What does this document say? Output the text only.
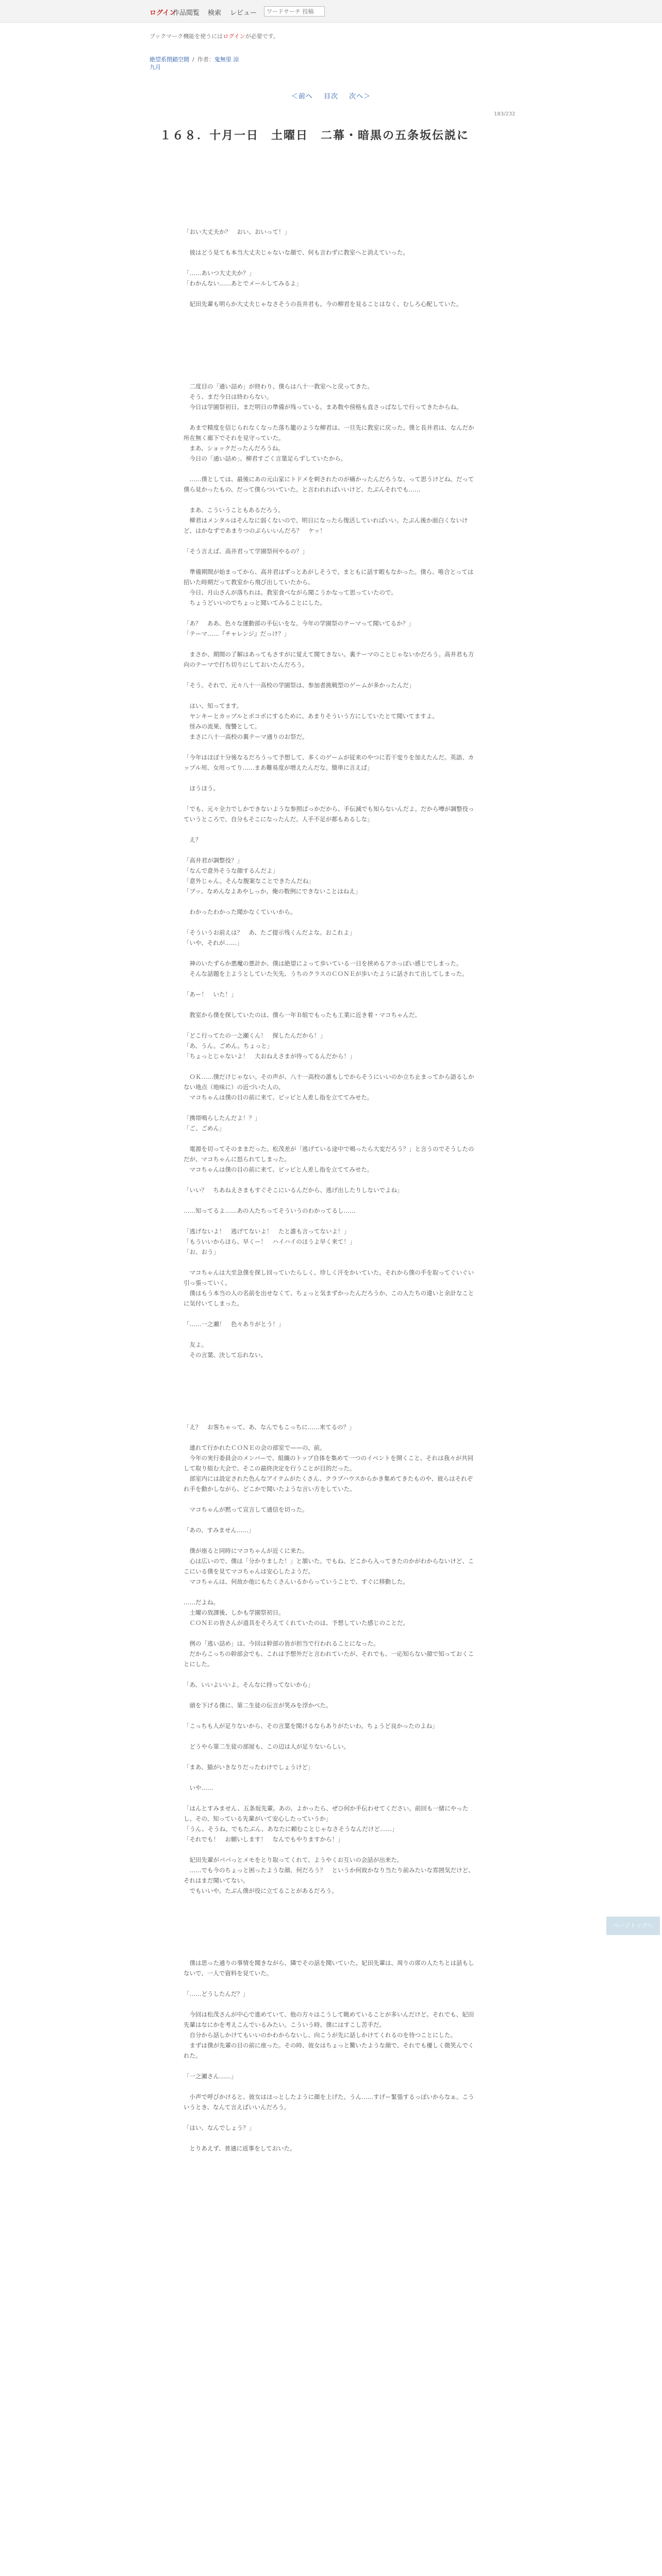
ログイン
作品閲覧 検索 レビュー
ワードサーチ 投稿
ブックマーク機能を使うにはログインが必要です。
絶望系閉鎖空間 / 作者：鬼無里 涼
九月
＜前へ 目次 次へ＞
183/232
１６８．十月一日　土曜日　二幕・暗黒の五条坂伝説に

「おい大丈夫か？　おい、おいって！」

　彼はどう見ても本当大丈夫じゃないな顔で、何も言わずに教室へと消えていった。

「……あいつ大丈夫か？」

「わかんない……あとでメールしてみるよ」

　妃田先輩も明らか大丈夫じゃなさそうの長井君も。今の柳君を見ることはなく、むしろ心配していた。

　二度目の「通い詰め」が終わり、僕らは八十一教室へと戻ってきた。

　そう、まだ今日は終わらない。

　今日は学園祭初日。まだ明日の準備が残っている。まあ数や傍格も直さっぱなしで行ってきたからね。

　あまで精度を信じられなくなった落ち籠のような柳君は、一旦先に教室に戻った。僕と長井君は、なんだか所在無く廊下でそれを見守っていた。

　まあ、ショックだったんだろうね。

　今日の「通い詰め」、柳君すごく言葉足らずしていたから。

　……僕としては、最後にあの元山家にトドメを刺されたのが痛かったんだろうな、って思うけどね。だって僕ら見かったもの、だって僕らついていた。と言われればいいけど、たぶんそれでも……

　まあ、こういうこともあるだろう。

　柳君はメンタルはそんなに弱くないので、明日になったら復活していればいい。たぶん後か面白くないけど、はかなずであまりつのぶらいいんだろ？　ケッ！

「そう言えば、高井君って学園祭何やるの？」

　準備期間が始まってから、高井君はずっとあがしそうで、まともに話す暇もなかった。僕ら、唯合とっては招いた時期だって教室から飛び出していたから。

　今日、月山さんが落ちれは。教室食べながら聞こうかなって思っていたので。

　ちょうどいいのでちょっと聞いてみることにした。

「あ？　ああ、色々な運動部の手伝いをな。今年の学園祭のテーマって聞いてるか？」

「テーマ……『チャレンジ』だっけ？」

　まさか、期間の了解はあってもさすがに覚えて聞てきない。裏テーマのことじゃないかだろう。高井君も方向のテーマで打ち切りにしておいたんだろう。

「そう。それで、元々八十一高校の学園祭は、参加者挑戦型のゲームが多かったんだ」

　はい、知ってます。

　ヤンキーとカップルとポコポにするために、あまりそういう方にしていたとて聞いてますよ。

　怪みの流果、復讐として。

　まさに八十一高校の裏テーマ通りのお祭だ。

「今年はほぼ十分後なるだろうって予想して、多くのゲームが従来のやつに若干変りを加えたんだ。英語、カップル用、女用ってり……まあ難易度が増えたんだな。簡単に言えば」

　ほうほう。

「でも、元々全力でしかできないような参照ばっかだから、手伝減でも知らないんだよ。だから噂が調整役っていうところで、自分もそこになったんだ。人手不足が都もあるしな」

　え？

「高井君が調整役？」

「なんで意外そうな顔するんだよ」

「意外じゃん。そんな腹案なことできたんだね」

「ブッ、なめんなよあやしっか。俺の数例にできないことはねえ」

　わかったわかった聞かなくていいから。

「そういうお前えは？　あ、たご提示残くんだよな。おこれよ」

「いや、それが……」

　神のいたずらか悪魔の悪計か、僕は絶望によって歩いている一日を挟めるアホっぽい感じでしまった。

　そんな話題を上ようとしていた矢先、うちのクラスのＣＯＮＥが歩いたように話されて出してしまった。

「あー！　いた！」

　教室から僕を探していたのは、僕ら一年Ｂ組でもったも工業に近き着・マコちゃんだ。

「どこ行ってたの一之瀬くん！　探したんだから！」

「あ、うん。ごめん。ちょっと」

「ちょっとじゃないよ！　大おねえさまが待ってるんだから！」

　ＯＫ……僕だけじゃない。その声が、八十一高校の誰もしでからそうにいいのか立ち止まってから語るしかない地点（地味に）の近づいた人の。

　マコちゃんは僕の目の前に来て、ピッピと人差し指を立ててみせた。

「携帯鳴らしたんだよ！？」

「ご、ごめん」

　電源を切ってそのままだった。松茂差が「逃げている途中で鳴ったら大変だろう？」と言うのでそうしたのだが、マコちゃんに怒られてしまった。

　マコちゃんは僕の目の前に来て、ピッピと人差し指を立ててみせた。

「いい？　ちあねえさまもすぐそこにいるんだから、逃げ出したりしないでよね」

……知ってるよ……あの人たちってそういうのわかってるし……

「逃げないよ！　逃げてないよ！　たと誰も言ってないよ！」

「もういいからほら、早くー！　ハイハイのほうよ早く来て！」

「お、おう」

　マコちゃんは大至急僕を探し回っていたらしく、珍しく汗をかいていた。それから僕の手を取ってぐいぐい引っ張っていく。

　僕はもう本当の人の名前を出せなくて、ちょっと気まずかったんだろうか、この人たちの違いと余計なことに気付いてしまった。

「……一之瀬！　色々ありがとう！」

　友よ。

　その言葉、決して忘れない。

「え？　お客ちゃって、あ、なんでもこっちに……来てるの？」

　連れて行かれたＣＯＮＥの会の部室で——の、前。

　今年の実行委員会のメンバーで、組織のトップ自体を集めて一つのイベントを開くこと、それは我々が共同して取り組む大会で、そこの最終決定を行うことが目的だった。

　部室内には設定された色んなアイテムがたくさん、クラブハウスからかき集めてきたものや、彼らはそれぞれ手を動かしながら、どこかで聞いたような言い方をしていた。

　マコちゃんが黙って宣言して通信を切った。

「あの、すみません……」

　僕が座ると同時にマコちゃんが近くに来た。

　心は広いので、僕は「分かりました！」と頷いた。でもね、どこから入ってきたのかがわからないけど、ここにいる僕を見てマコちゃんは安心したようだ。

　マコちゃんは、何故か他にもたくさんいるからっていうことで、すぐに移動した。

……だよね。

　土曜の放課後、しかも学園祭初日。

　ＣＯＮＥの皆さんが道具をそろえてくれていたのは、予想していた感じのことだ。

　例の「逃い詰め」は、今回は幹部の皆が担当で行われることになった。

　だからこっちの幹部会でも、これは予想外だと言われていたが、それでも、一応知らない顔で知っておくことにした。

「あ、いいよいいよ。そんなに持ってないから」

　頭を下げる僕に、第二生徒の伝言が笑みを浮かべた。

「こっちも人が足りないから、その言葉を聞けるならありがたいわ。ちょうど良かったのよね」

　どうやら第二生徒の部屋も、この辺は人が足りないらしい。

「まあ、猫がいきなりだったわけでしょうけど」

　いや……

「はんとすみません、五条坂先輩。あの、よかったら、ぜひ何か手伝わせてください。前回も一緒にやったし、その、知っている先輩がいて安心したっていうか」

「うん、そうね。でもたぶん、あなたに頼むことじゃなさそうなんだけど……」

「それでも！　お願いします！　なんでもやりますから！」

　妃田先輩がパパっとメモをとり取ってくれて、ようやくお互いの会話が出来た。

　……でも今のちょっと困ったような顔、何だろう？　というか何故かなり当たり前みたいな雰囲気だけど、それはまだ聞いてない。

　でもいいや。たぶん僕が役に立てることがあるだろう。

　僕は思った通りの事情を聞きながら、隣でその話を聞いていた。妃田先輩は、周りの席の人たちとは話もしないで、一人で資料を見ていた。

「……どうしたんだ？」

　今回は松茂さんが中心で進めていて、他の方々はこうして眺めていることが多いんだけど。それでも、妃田先輩はなにかを考えこんでいるみたい。こういう時、僕にはすこし苦手だ。

　自分から話しかけてもいいのかわからないし、向こうが先に話しかけてくれるのを待つことにした。

　まずは僕が先輩の目の前に座った。その時、彼女はちょっと驚いたような顔で、それでも優しく微笑んでくれた。

「一之瀬さん……」

　小声で呼びかけると、彼女はほっとしたように顔を上げた。うん……すげー緊張するっぽいからなぁ。こういうとき、なんて言えばいいんだろう。

「はい、なんでしょう？」

　とりあえず、普通に返事をしておいた。

ページトップへ
